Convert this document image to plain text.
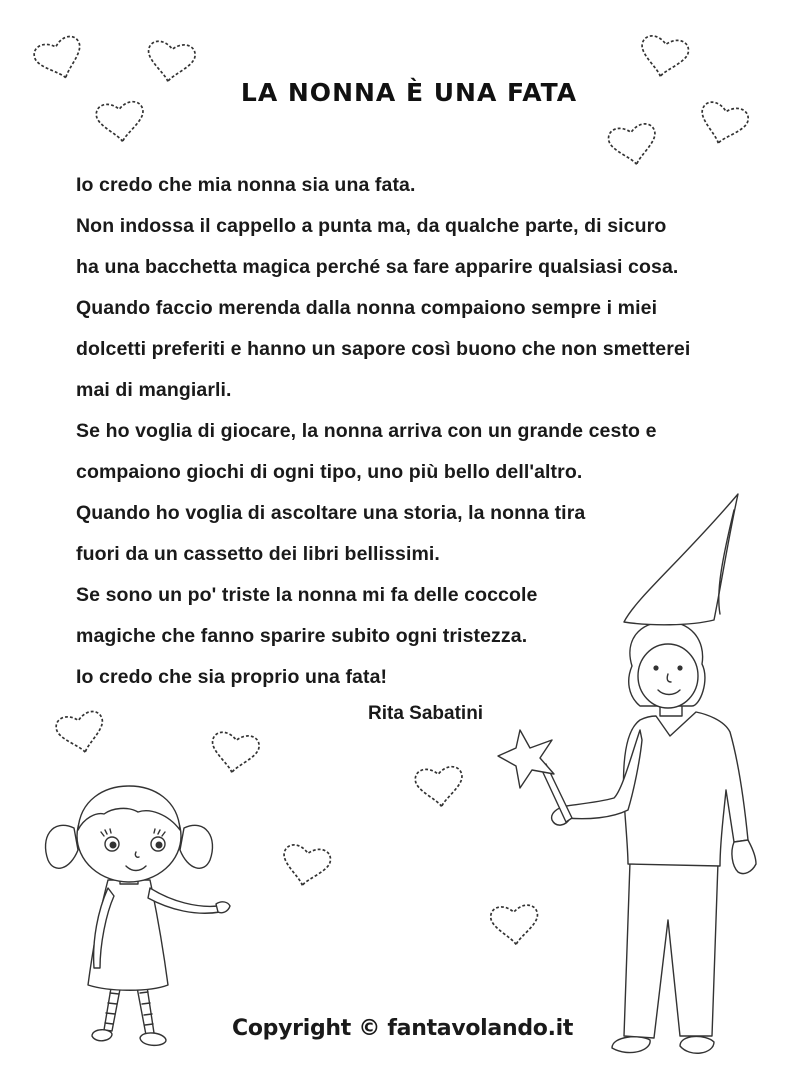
LA NONNA È UNA FATA
Io credo che mia nonna sia una fata.
Non indossa il cappello a punta ma, da qualche parte, di sicuro
ha una bacchetta magica perché sa fare apparire qualsiasi cosa.
Quando faccio merenda dalla nonna compaiono sempre i miei
dolcetti preferiti e hanno un sapore così buono che non smetterei
mai di mangiarli.
Se ho voglia di giocare, la nonna arriva con un grande cesto e
compaiono giochi di ogni tipo, uno più bello dell'altro.
Quando ho voglia di ascoltare una storia, la nonna tira
fuori da un cassetto dei libri bellissimi.
Se sono un po' triste la nonna mi fa delle coccole
magiche che fanno sparire subito ogni tristezza.
Io credo che sia proprio una fata!
Rita Sabatini
Copyright © fantavolando.it
